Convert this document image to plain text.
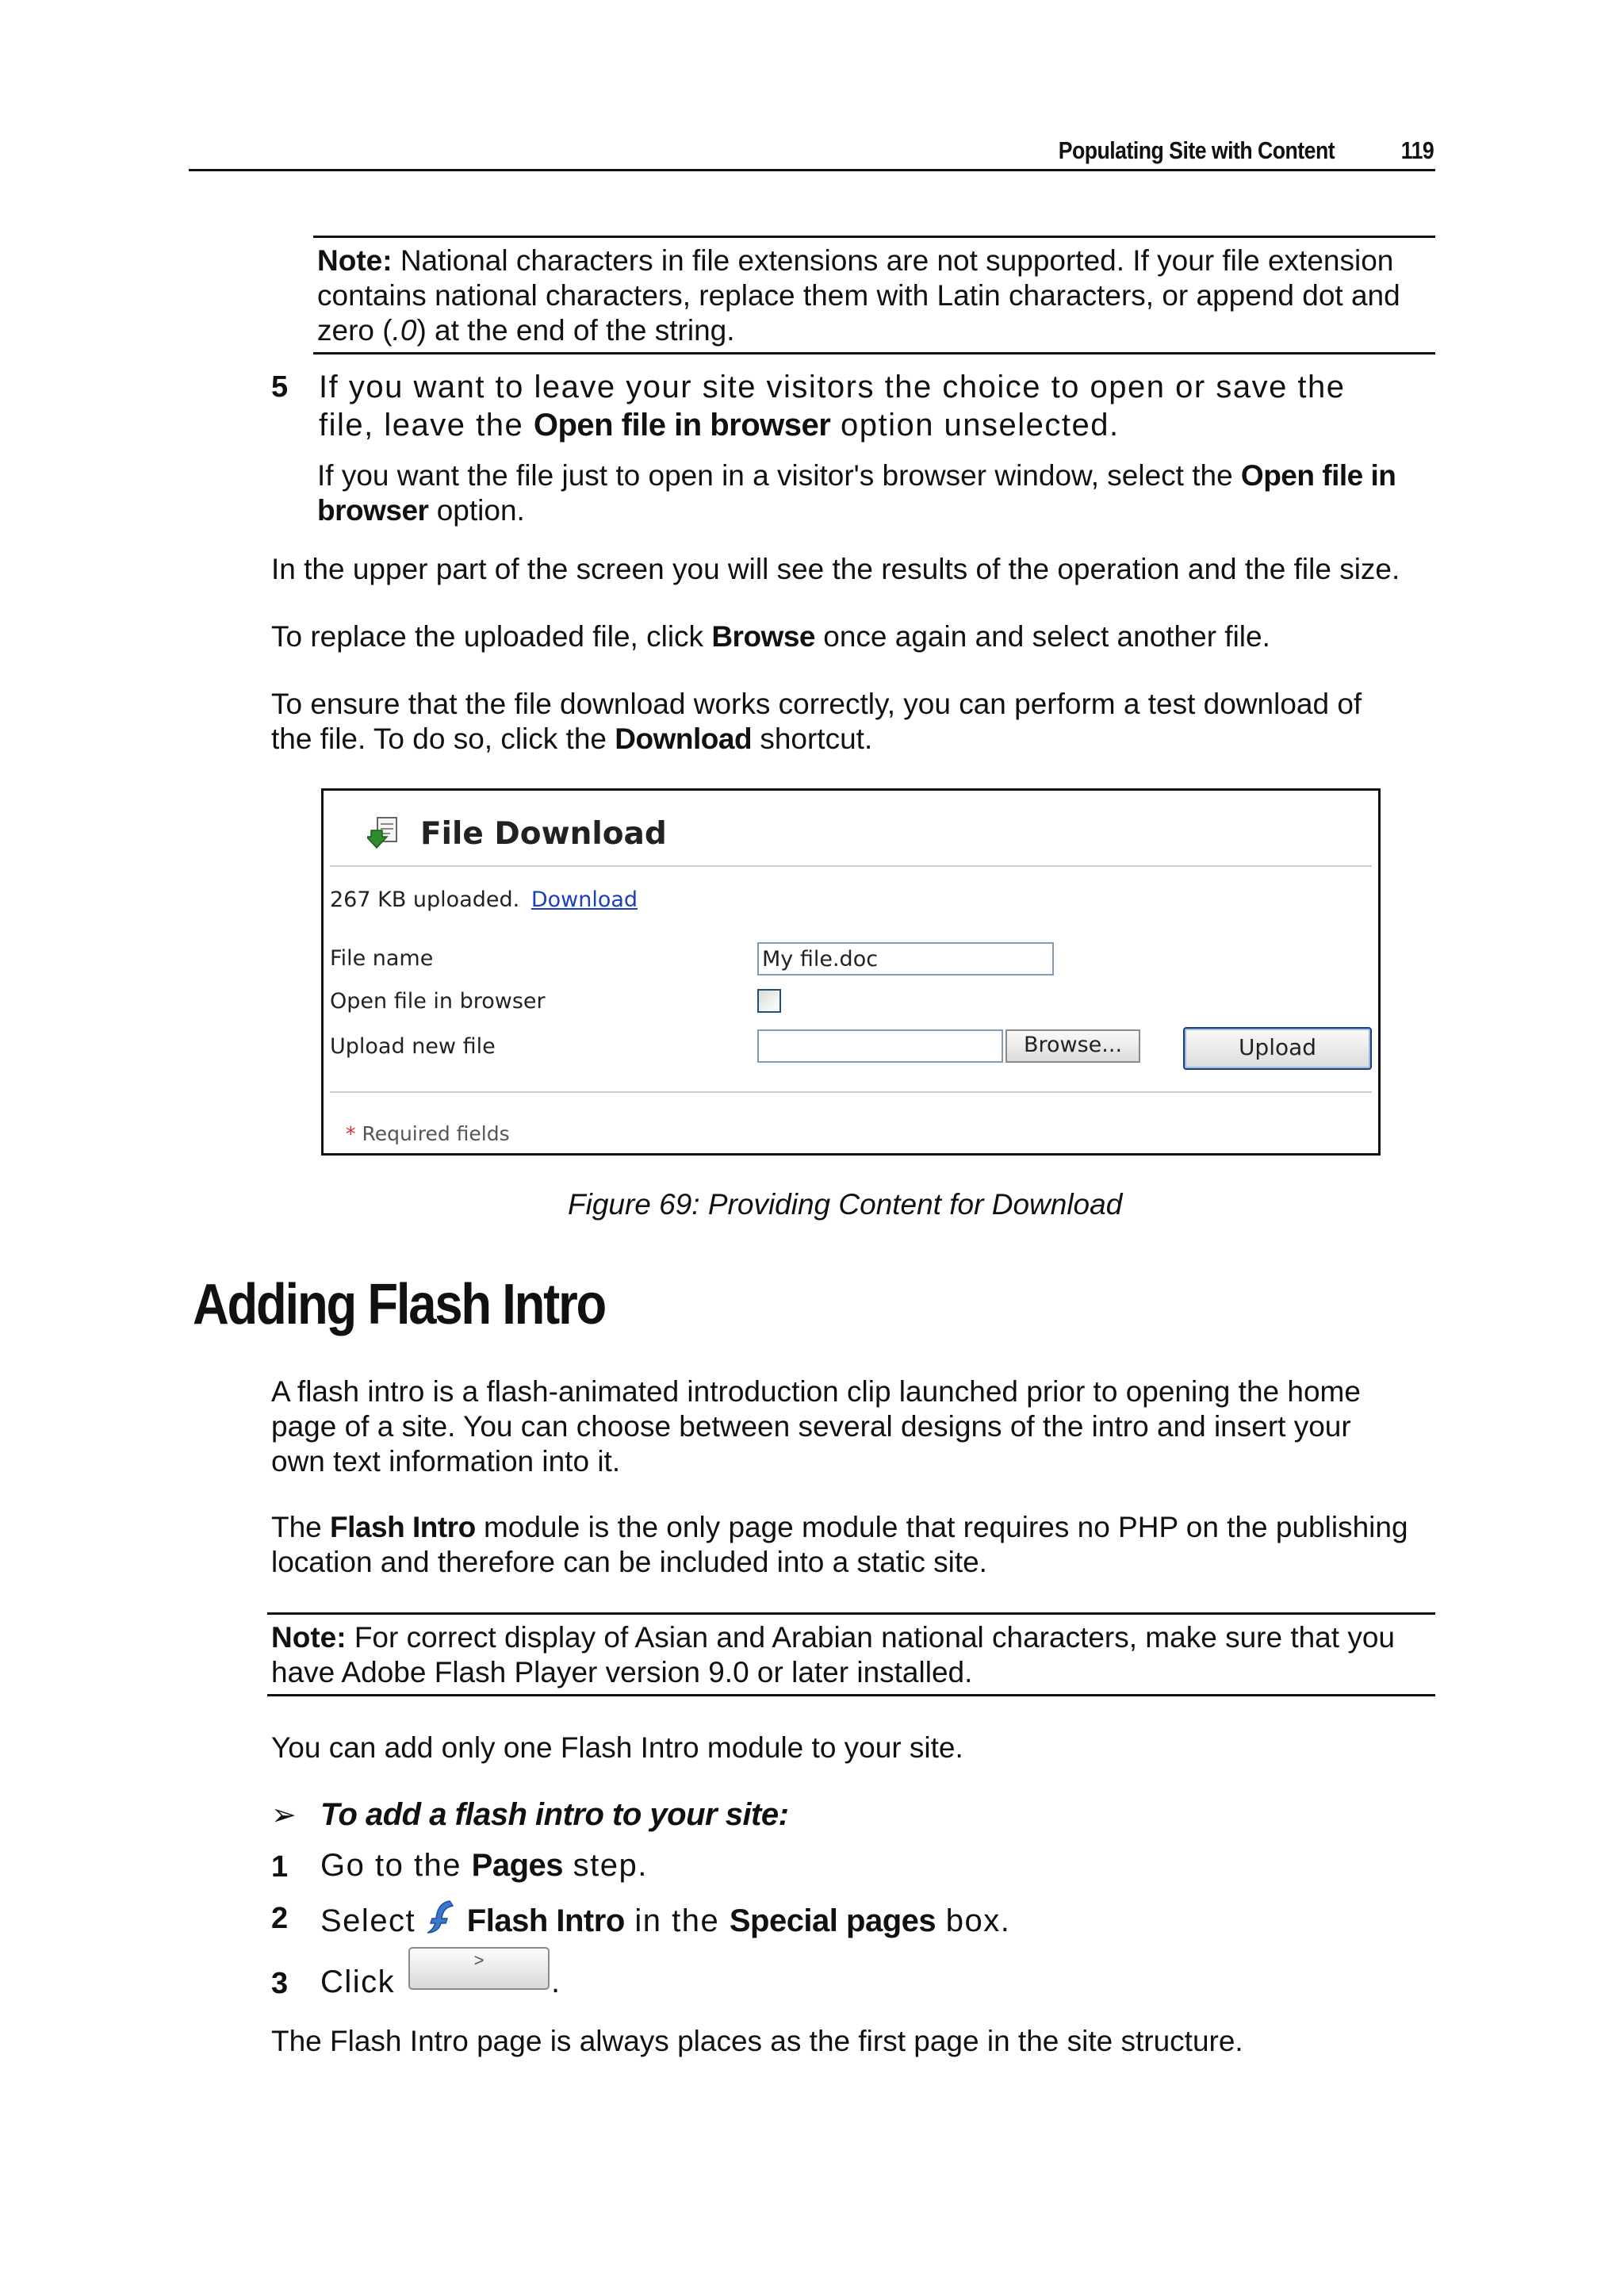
Populating Site with Content	119
Note: National characters in file extensions are not supported. If your file extension
contains national characters, replace them with Latin characters, or append dot and
zero (.0) at the end of the string.
5 If you want to leave your site visitors the choice to open or save the
file, leave the Open file in browser option unselected.
If you want the file just to open in a visitor's browser window, select the Open file in
browser option.
In the upper part of the screen you will see the results of the operation and the file size.
To replace the uploaded file, click Browse once again and select another file.
To ensure that the file download works correctly, you can perform a test download of
the file. To do so, click the Download shortcut.
File Download
267 KB uploaded. Download
File name	My file.doc
Open file in browser
Upload new file	Browse...	Upload
* Required fields
Figure 69: Providing Content for Download
Adding Flash Intro
A flash intro is a flash-animated introduction clip launched prior to opening the home
page of a site. You can choose between several designs of the intro and insert your
own text information into it.
The Flash Intro module is the only page module that requires no PHP on the publishing
location and therefore can be included into a static site.
Note: For correct display of Asian and Arabian national characters, make sure that you
have Adobe Flash Player version 9.0 or later installed.
You can add only one Flash Intro module to your site.
➢ To add a flash intro to your site:
1 Go to the Pages step.
2 Select Flash Intro in the Special pages box.
3 Click
>
.
The Flash Intro page is always places as the first page in the site structure.
